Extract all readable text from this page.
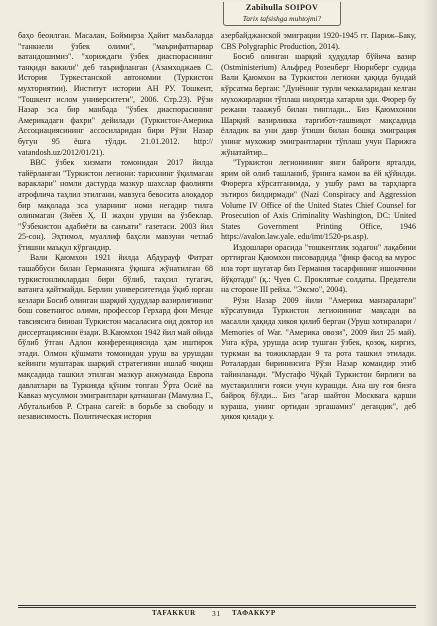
Zabihulla SOIPOV
Tarix tafsishga muhtojmi?

баҳо беоилган. Масалан, Боймирза Ҳайит маъбаларда "танкнели ўзбек олими", "маърифатпарвар ватандошимиз". "хориждаги ўзбек диаспорасининг танқидн вакили" деб таърифланган (Азамходжаев С. История Туркестанской автономии (Туркистон мухториятии). Институт истории АН РУ. Тошкент, "Тошкент ислом университети", 2006. Стр.23). Рўзи Назар эса бир манбада "ўзбек диаспорасининг Америкадаги фахри" дейилади (Туркистон-Америка Ассоциациясининг ассосиларидан бири Рўзи Назар бугун 95 ёшга тўлди. 21.01.2012. http:// vatandosh.uz/2012/01/21).

ВВС ўзбек хизмати томонидан 2017 йилда тайёрланган "Туркистон легиони: тарихнинг ўқилмаган вараклари" номли дастурда мазкур шахслар фаолияти атрофлича таҳлил этилгани, мавзуга бевосита алоқадор бир мақолада эса уларнинг номи негадир тилга олинмаган (Зиёев Ҳ. II жаҳон уруши ва ўзбеклар. "Ўзбекистон адабиёти ва санъати" газетаси. 2003 йил 25-сон). Эҳтимол, муаллиф баҳсли мавзуни четлаб ўтишни маъқул кўргандир.

Вали Қаюмхон 1921 йилда Абдурауф Фитрат ташаббуси билан Германияга ўқишга жўнатилган 68 туркистонликлардан бири бўлиб, таҳсил тугагач, ватанга қайтмайди. Берлин университетида ўқиб юрган кезлари Босиб олинган шарқий ҳудудлар вазирлигининг бош советнигос олими, профессор Герхард фон Менде тавсиясига биноан Туркистон масаласига оид доктор ил диссертациясини ёзади. В.Каюмхон 1942 йил май ойида бўлиб ўтган Адлон конференциясида ҳам иштирок этади. Олмон қўшмати томонидан уруш ва урушдан кейинги муштарак шарқий стратегияни ишлаб чиқиш мақсадида ташкил этилган мазкур анжуманда Европа давлатлари ва Туркияда қўним топган Ўрта Осиё ва Кавказ мусулмон эмигрантлари қатнашган (Мамулиа Г., Абутальибов Р. Страна сагей: в борьбе за свободу и независимость. Политическая история

азербайджанской эмиграции 1920-1945 гг. Париж–Баку, CBS Polygraphic Production, 2014).

Босиб олинган шарқий ҳудудлар бўйича вазир (Ostministerium) Альфред Розенберг Нюрнберг судида Вали Қаюмхон ва Туркистон легиони ҳақида бундай кўрсатма берган: "Дунёнинг турли чеккаларидан келган мухожирларни тўплаш ниҳоятда хатарли эди. Фюрер бу режани тааажуб билан тинглади... Биз Қаюмхонни Шарқий вазирликка таргибот-ташвиқот мақсадида ёлладик ва уни давр ўтиши билан бошқа эмиграция унинг мухожир эмигрантларни тўплаш учун Парижга жўнатайтир...

"Туркистон легионининг янги байроғи ярталди, ярим ой олиб ташланиб, ўрнига камон ва ёй қўйилди. Фюрерга кўрсатганимда, у ушбу рамз ва тарҳларга эътироз билдирмади" (Nazi Conspiracy and Aggression Volume IV Office of the United States Chief Counsel for Prosecution of Axis Criminality Washington, DC: United States Government Printing Office, 1946 https://avalon.law.yale. edu/imt/1520-ps.asp).

Издошлари орасида "тошкентлик зодагон" лақабини орттирган Қаюмхон писовардида "фикр фасод ва мурос ила торт шугатар биз Германия тасарфининг ишончини йўқотади" (қ.: Чуев С. Проклятые солдаты. Предатели на стороне III рейха. "Эксмо", 2004).

Рўзи Назар 2009 йили "Америка манзаралари" кўрсатувида Туркистон легионининг мақсади ва масалли ҳақида хикоя қилиб берган (Уруш хотиралари / Memories of War. "Америка овози", 2009 йил 25 май). Унга кўра, урушда асир тушган ўзбек, қозоқ, киргиз, туркман ва тожиклардан 9 та рота ташкил этилади. Роталардан бирининсига Рўзи Назар командир этиб тайинланади. "Мустафо Чўқай Туркистон бирлиги ва мустақиллиги ғояси учун курашди. Ана шу ғоя бизга байроқ бўлди... Биз "агар шайтон Москвага қарши кураша, унинг ортидан эргашамиз" дегандик", деб ҳикоя қилади у.

TAFAKKUR 31 ТАФАККУР
